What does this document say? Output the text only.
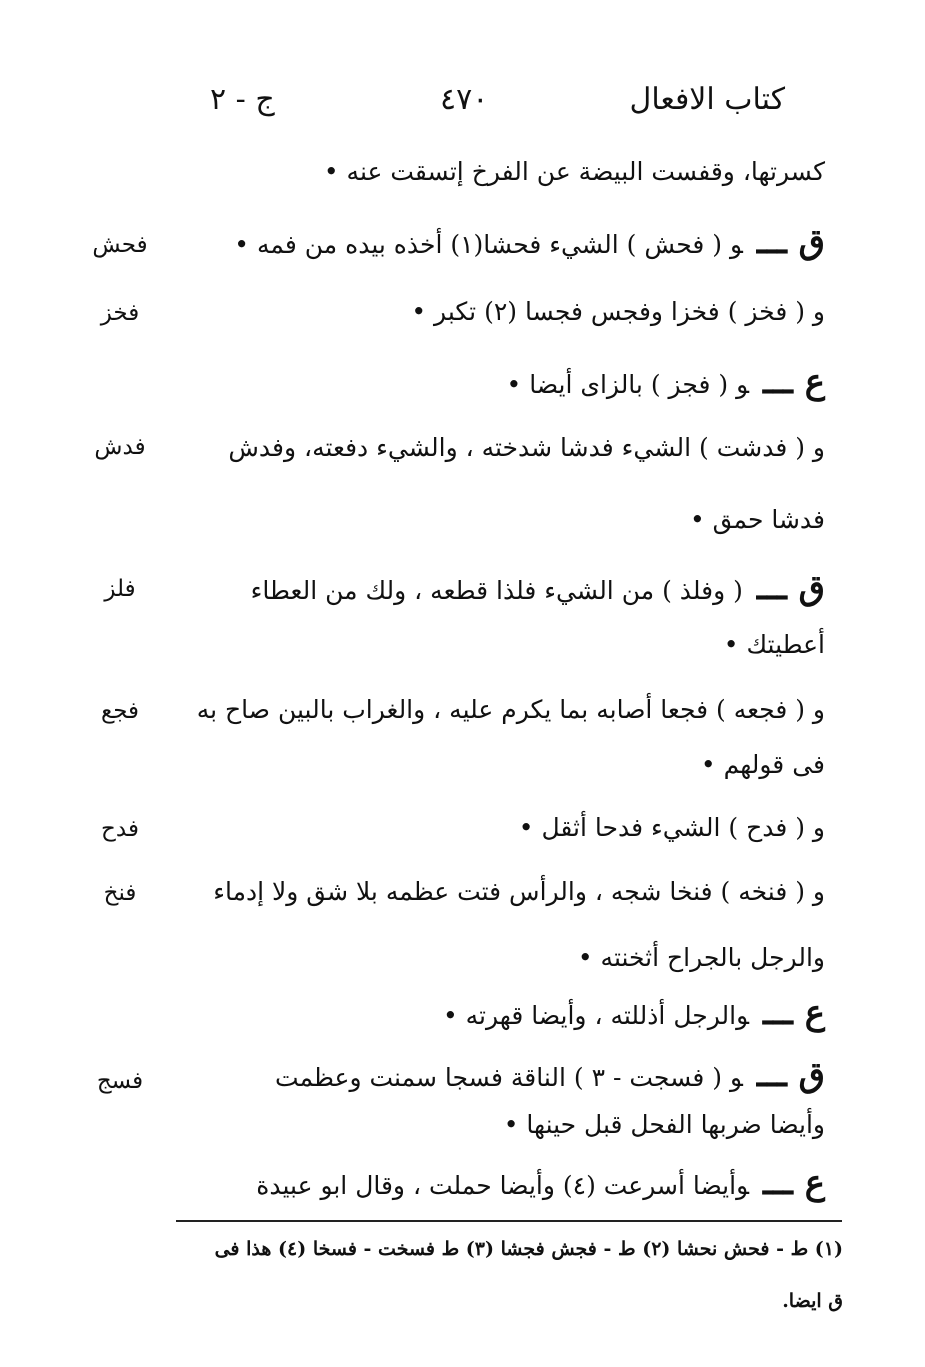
كتاب الافعال
٤٧٠
ج - ٢
كسرتها، وقفست البيضة عن الفرخ إتسقت عنه •
ق ـــو ( فحش ) الشيء فحشا(١) أخذه بيده من فمه •
و ( فخز ) فخزا وفجس فجسا (٢) تكبر •
ع ـــو ( فجز ) بالزاى أيضا •
و ( فدشت ) الشيء فدشا شدخته ، والشيء دفعته، وفدش
فدشا حمق •
ق ـــ( وفلذ ) من الشيء فلذا قطعه ، ولك من العطاء
أعطيتك •
و ( فجعه ) فجعا أصابه بما يكرم عليه ، والغراب بالبين صاح به
فى قولهم •
و ( فدح ) الشيء فدحا أثقل •
و ( فنخه ) فنخا شجه ، والرأس فتت عظمه بلا شق ولا إدماء
والرجل بالجراح أثخنته •
ع ـــوالرجل أذللته ، وأيضا قهرته •
ق ـــو ( فسجت - ٣ ) الناقة فسجا سمنت وعظمت
وأيضا ضربها الفحل قبل حينها •
ع ـــوأيضا أسرعت (٤) وأيضا حملت ، وقال ابو عبيدة
فحش
فخز
فدش
فلز
فجع
فدح
فنخ
فسج
(١) ط - فحش نحشا (٢) ط - فجش فجشا (٣) ط فسخت - فسخا (٤) هذا فى
ق ايضا.
